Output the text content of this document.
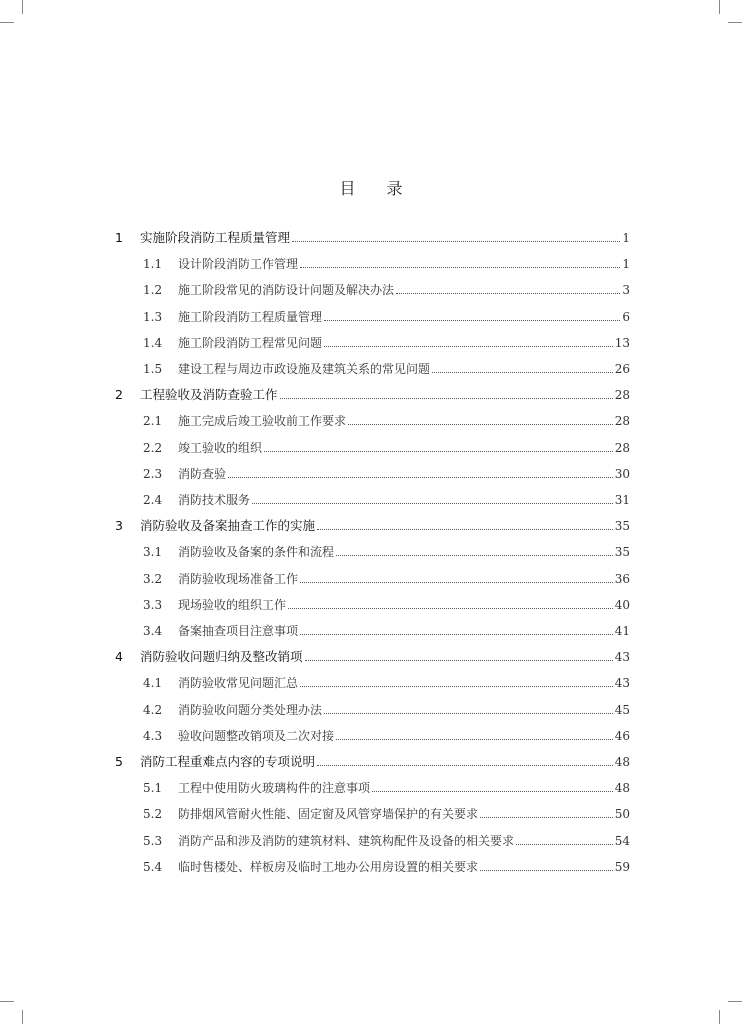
目 录
1	实施阶段消防工程质量管理	1
1.1	设计阶段消防工作管理	1
1.2	施工阶段常见的消防设计问题及解决办法	3
1.3	施工阶段消防工程质量管理	6
1.4	施工阶段消防工程常见问题	13
1.5	建设工程与周边市政设施及建筑关系的常见问题	26
2	工程验收及消防查验工作	28
2.1	施工完成后竣工验收前工作要求	28
2.2	竣工验收的组织	28
2.3	消防查验	30
2.4	消防技术服务	31
3	消防验收及备案抽查工作的实施	35
3.1	消防验收及备案的条件和流程	35
3.2	消防验收现场准备工作	36
3.3	现场验收的组织工作	40
3.4	备案抽查项目注意事项	41
4	消防验收问题归纳及整改销项	43
4.1	消防验收常见问题汇总	43
4.2	消防验收问题分类处理办法	45
4.3	验收问题整改销项及二次对接	46
5	消防工程重难点内容的专项说明	48
5.1	工程中使用防火玻璃构件的注意事项	48
5.2	防排烟风管耐火性能、固定窗及风管穿墙保护的有关要求	50
5.3	消防产品和涉及消防的建筑材料、建筑构配件及设备的相关要求	54
5.4	临时售楼处、样板房及临时工地办公用房设置的相关要求	59
